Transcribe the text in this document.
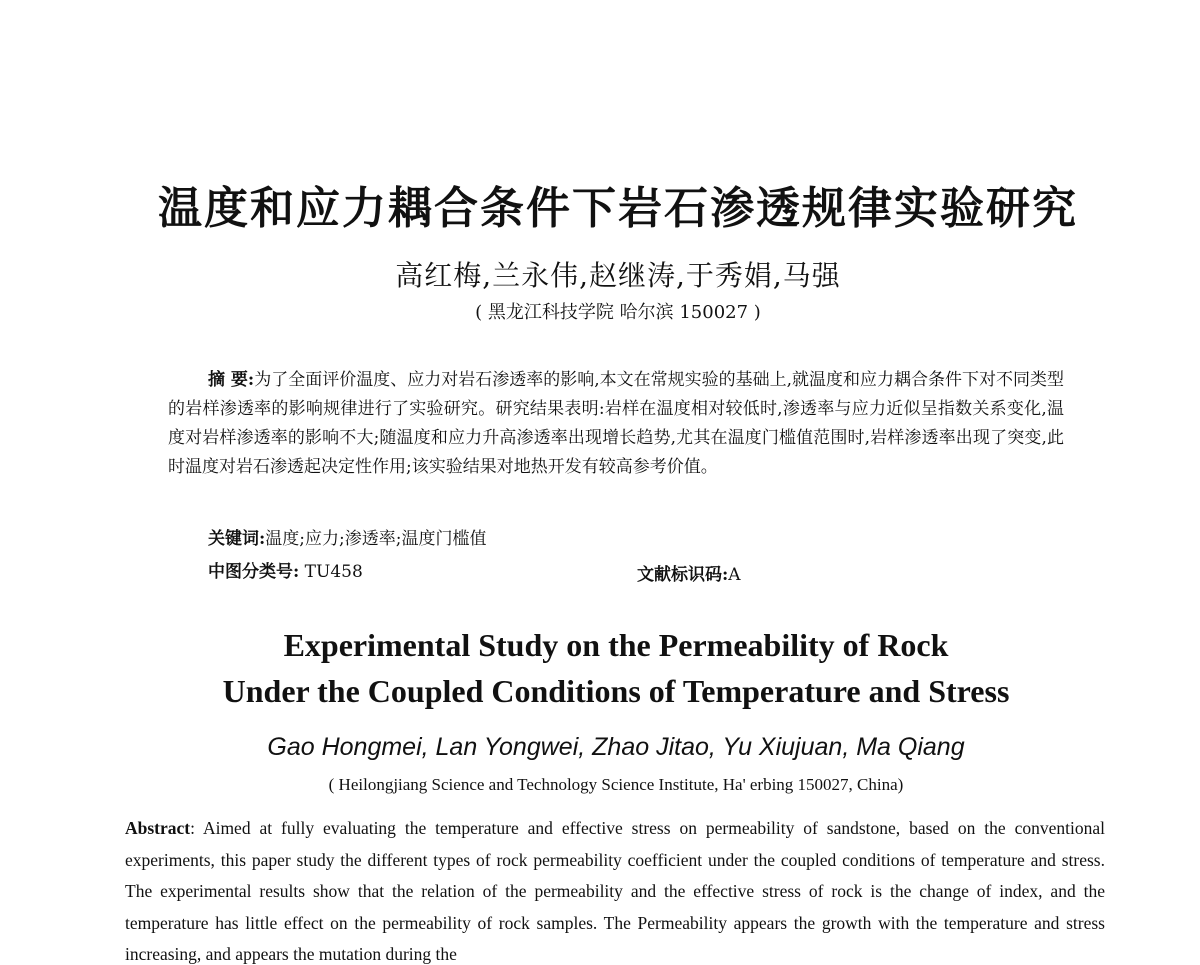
温度和应力耦合条件下岩石渗透规律实验研究
高红梅,兰永伟,赵继涛,于秀娟,马强
( 黑龙江科技学院 哈尔滨 150027 )
摘 要:为了全面评价温度、应力对岩石渗透率的影响,本文在常规实验的基础上,就温度和应力耦合条件下对不同类型的岩样渗透率的影响规律进行了实验研究。研究结果表明:岩样在温度相对较低时,渗透率与应力近似呈指数关系变化,温度对岩样渗透率的影响不大;随温度和应力升高渗透率出现增长趋势,尤其在温度门槛值范围时,岩样渗透率出现了突变,此时温度对岩石渗透起决定性作用;该实验结果对地热开发有较高参考价值。
关键词:温度;应力;渗透率;温度门槛值
中图分类号: TU458	文献标识码:A
Experimental Study on the Permeability of Rock
Under the Coupled Conditions of Temperature and Stress
Gao Hongmei, Lan Yongwei, Zhao Jitao, Yu Xiujuan, Ma Qiang
( Heilongjiang Science and Technology Science Institute, Ha' erbing 150027, China)
Abstract: Aimed at fully evaluating the temperature and effective stress on permeability of sandstone, based on the conventional experiments, this paper study the different types of rock permeability coefficient under the coupled conditions of temperature and stress. The experimental results show that the relation of the permeability and the effective stress of rock is the change of index, and the temperature has little effect on the permeability of rock samples. The Permeability appears the growth with the temperature and stress increasing, and appears the mutation during the
